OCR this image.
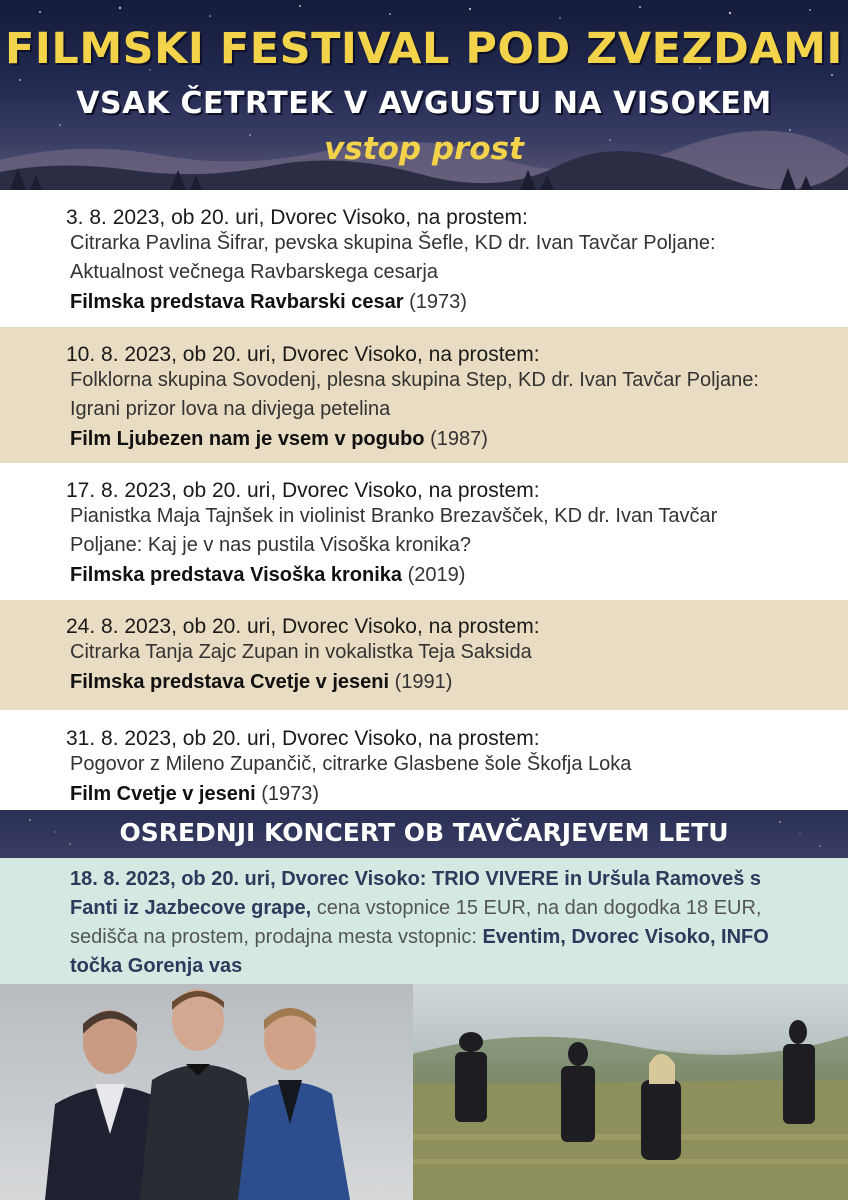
FILMSKI FESTIVAL POD ZVEZDAMI
VSAK ČETRTEK V AVGUSTU NA VISOKEM
vstop prost
3. 8. 2023, ob 20. uri, Dvorec Visoko, na prostem:
Citrarka Pavlina Šifrar, pevska skupina Šefle, KD dr. Ivan Tavčar Poljane:
Aktualnost večnega Ravbarskega cesarja
Filmska predstava Ravbarski cesar (1973)
10. 8. 2023, ob 20. uri, Dvorec Visoko, na prostem:
Folklorna skupina Sovodenj, plesna skupina Step, KD dr. Ivan Tavčar Poljane:
Igrani prizor lova na divjega petelina
Film Ljubezen nam je vsem v pogubo (1987)
17. 8. 2023, ob 20. uri, Dvorec Visoko, na prostem:
Pianistka Maja Tajnšek in violinist Branko Brezavšček, KD dr. Ivan Tavčar
Poljane: Kaj je v nas pustila Visoška kronika?
Filmska predstava Visoška kronika (2019)
24. 8. 2023, ob 20. uri, Dvorec Visoko, na prostem:
Citrarka Tanja Zajc Zupan in vokalistka Teja Saksida
Filmska predstava Cvetje v jeseni (1991)
31. 8. 2023, ob 20. uri, Dvorec Visoko, na prostem:
Pogovor z Mileno Zupančič, citrarke Glasbene šole Škofja Loka
Film Cvetje v jeseni (1973)
OSREDNJI KONCERT OB TAVČARJEVEM LETU
18. 8. 2023, ob 20. uri, Dvorec Visoko: TRIO VIVERE in Uršula Ramoveš s
Fanti iz Jazbecove grape, cena vstopnice 15 EUR, na dan dogodka 18 EUR,
sedišča na prostem, prodajna mesta vstopnic: Eventim, Dvorec Visoko, INFO
točka Gorenja vas
